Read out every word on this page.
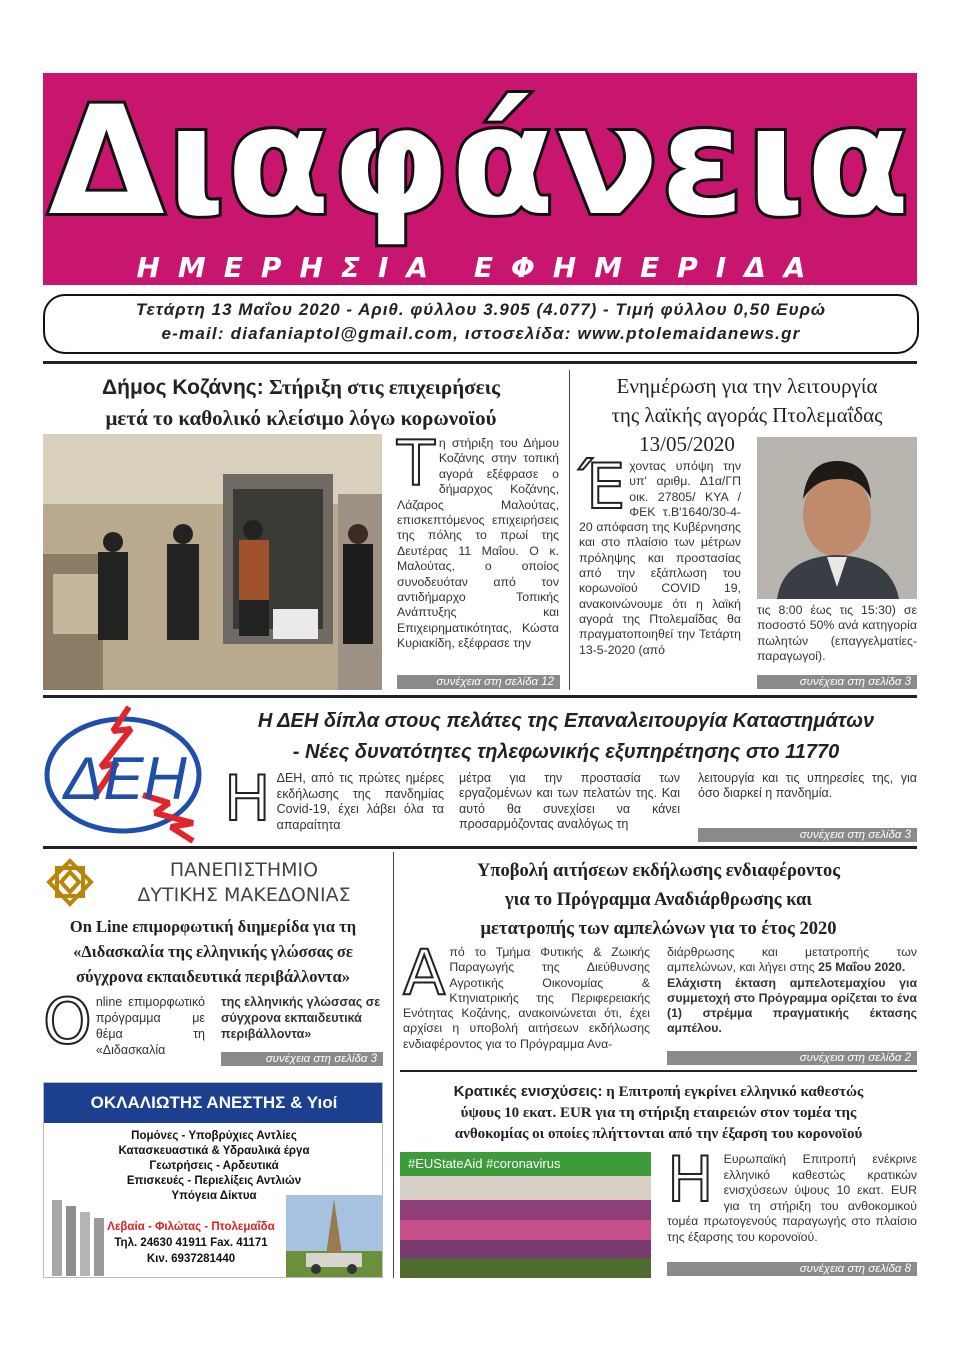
Διαφάνεια
ΗΜΕΡΗΣΙΑ ΕΦΗΜΕΡΙΔΑ
Τετάρτη 13 Μαΐου 2020 - Αριθ. φύλλου 3.905 (4.077) - Τιμή φύλλου 0,50 Ευρώ
e-mail: diafaniaptol@gmail.com, ιστοσελίδα: www.ptolemaidanews.gr
Δήμος Κοζάνης: Στήριξη στις επιχειρήσεις
μετά το καθολικό κλείσιμο λόγω κορωνοϊού
Τη στήριξη του Δήμου Κοζάνης στην τοπική αγορά εξέφρασε ο δήμαρχος Κοζάνης, Λάζαρος Μαλούτας, επισκεπτόμενος επιχειρήσεις της πόλης το πρωί της Δευτέρας 11 Μαΐου. Ο κ. Μαλούτας, ο οποίος συνοδευόταν από τον αντιδήμαρχο Τοπικής Ανάπτυξης και Επιχειρηματικότητας, Κώστα Κυριακίδη, εξέφρασε την
συνέχεια στη σελίδα 12
Ενημέρωση για την λειτουργία
της λαϊκής αγοράς Πτολεμαΐδας
13/05/2020
Έχοντας υπόψη την υπ' αριθμ. Δ1α/ΓΠ οικ. 27805/ ΚΥΑ /ΦΕΚ τ.Β'1640/30-4-20 απόφαση της Κυβέρνησης και στο πλαίσιο των μέτρων πρόληψης και προστασίας από την εξάπλωση του κορωνοϊού COVID 19, ανακοινώνουμε ότι η λαϊκή αγορά της Πτολεμαΐδας θα πραγματοποιηθεί την Τετάρτη 13-5-2020 (από
τις 8:00 έως τις 15:30) σε ποσοστό 50% ανά κατηγορία πωλητών (επαγγελματίες-παραγωγοί).
συνέχεια στη σελίδα 3
ΔΕΗ
Η ΔΕΗ δίπλα στους πελάτες της Επαναλειτουργία Καταστημάτων
- Νέες δυνατότητες τηλεφωνικής εξυπηρέτησης στο 11770
ΗΔΕΗ, από τις πρώτες ημέρες εκδήλωσης της πανδημίας Covid-19, έχει λάβει όλα τα απαραίτητα
μέτρα για την προστασία των εργαζομένων και των πελατών της. Και αυτό θα συνεχίσει να κάνει προσαρμόζοντας αναλόγως τη
λειτουργία και τις υπηρεσίες της, για όσο διαρκεί η πανδημία.
συνέχεια στη σελίδα 3
ΠΑΝΕΠΙΣΤΗΜΙΟ
ΔΥΤΙΚΗΣ ΜΑΚΕΔΟΝΙΑΣ
On Line επιμορφωτική διημερίδα για τη
«Διδασκαλία της ελληνικής γλώσσας σε
σύγχρονα εκπαιδευτικά περιβάλλοντα»
Online επιμορφωτικό πρόγραμμα με θέμα τη «Διδασκαλία
της ελληνικής γλώσσας σε σύγχρονα εκπαιδευτικά περιβάλλοντα»
συνέχεια στη σελίδα 3
Υποβολή αιτήσεων εκδήλωσης ενδιαφέροντος
για το Πρόγραμμα Αναδιάρθρωσης και
μετατροπής των αμπελώνων για το έτος 2020
Από το Τμήμα Φυτικής & Ζωικής Παραγωγής της Διεύθυνσης Αγροτικής Οικονομίας & Κτηνιατρικής της Περιφερειακής Ενότητας Κοζάνης, ανακοινώνεται ότι, έχει αρχίσει η υποβολή αιτήσεων εκδήλωσης ενδιαφέροντος για το Πρόγραμμα Ανα-
διάρθρωσης και μετατροπής των αμπελώνων, και λήγει στης 25 Μαΐου 2020.
Ελάχιστη έκταση αμπελοτεμαχίου για συμμετοχή στο Πρόγραμμα ορίζεται το ένα (1) στρέμμα πραγματικής έκτασης αμπέλου.
συνέχεια στη σελίδα 2
ΟΚΛΑΛΙΩΤΗΣ ΑΝΕΣΤΗΣ & Υιοί
Πομόνες - Υποβρύχιες Αντλίες
Κατασκευαστικά & Υδραυλικά έργα
Γεωτρήσεις - Αρδευτικά
Επισκευές - Περιελίξεις Αντλιών
Υπόγεια Δίκτυα
Λεβαία - Φιλώτας - Πτολεμαΐδα
Τηλ. 24630 41911 Fax. 41171
Κιν. 6937281440
Κρατικές ενισχύσεις: η Επιτροπή εγκρίνει ελληνικό καθεστώς
ύψους 10 εκατ. EUR για τη στήριξη εταιρειών στον τομέα της
ανθοκομίας οι οποίες πλήττονται από την έξαρση του κορονοϊού
#EUStateAid #coronavirus Η Ευρωπαϊκή Επιτροπή ενέκρινε ελληνικό καθεστώς κρατικών ενισχύσεων ύψους 10 εκατ. EUR για τη στήριξη του ανθοκομικού τομέα πρωτογενούς παραγωγής στο πλαίσιο της έξαρσης του κορονοϊού.
συνέχεια στη σελίδα 8
